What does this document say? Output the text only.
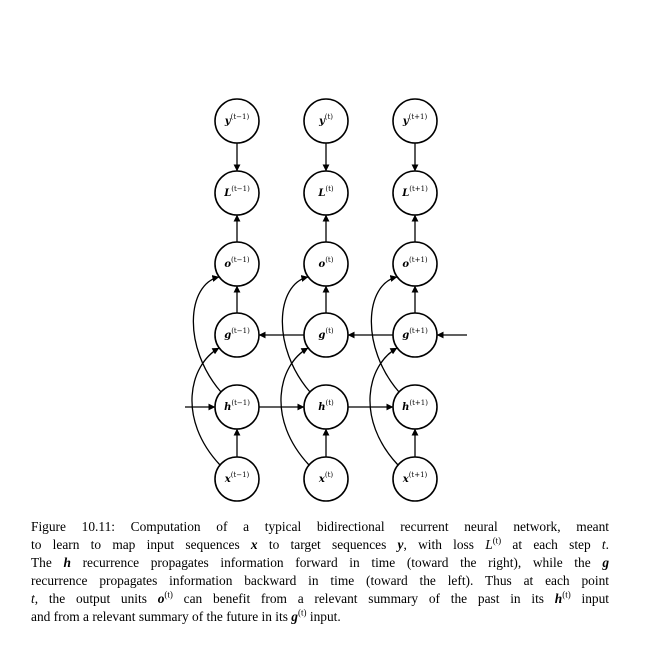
$y^{(t-1)}$
$L^{(t-1)}$
$o^{(t-1)}$
$g^{(t-1)}$
$h^{(t-1)}$
$x^{(t-1)}$
$y^{(t)}$
$L^{(t)}$
$o^{(t)}$
$g^{(t)}$
$h^{(t)}$
$x^{(t)}$
$y^{(t+1)}$
$L^{(t+1)}$
$o^{(t+1)}$
$g^{(t+1)}$
$h^{(t+1)}$
$x^{(t+1)}$
Figure 10.11: Computation of a typical bidirectional recurrent neural network, meant
to learn to map input sequences x to target sequences y, with loss $L^{(t)}$ at each step t.
The h recurrence propagates information forward in time (toward the right), while the g
recurrence propagates information backward in time (toward the left). Thus at each point
t, the output units $o^{(t)}$ can benefit from a relevant summary of the past in its $h^{(t)}$ input
and from a relevant summary of the future in its $g^{(t)}$ input.
